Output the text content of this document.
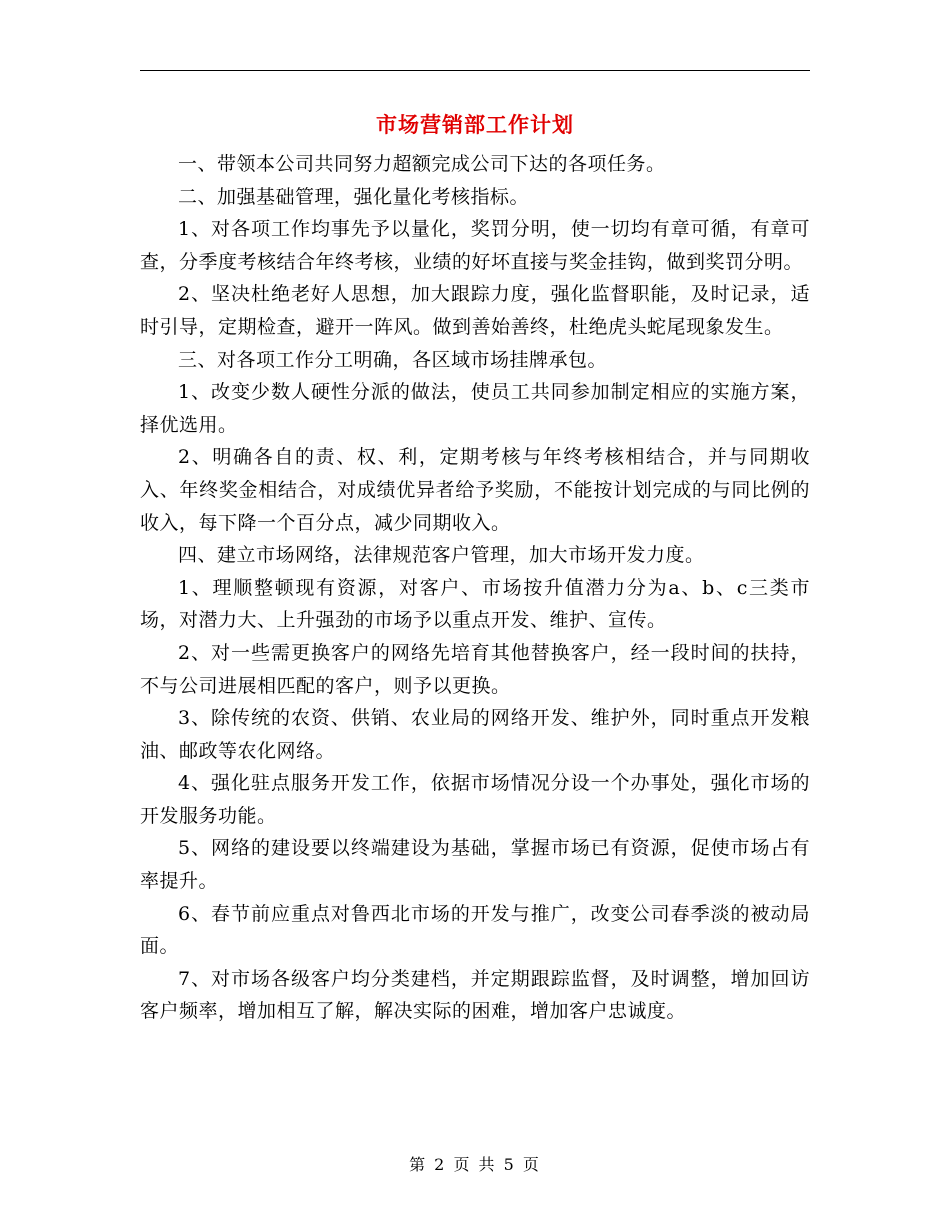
市场营销部工作计划

一、带领本公司共同努力超额完成公司下达的各项任务。

二、加强基础管理，强化量化考核指标。

1、对各项工作均事先予以量化，奖罚分明，使一切均有章可循，有章可查，分季度考核结合年终考核，业绩的好坏直接与奖金挂钩，做到奖罚分明。

2、坚决杜绝老好人思想，加大跟踪力度，强化监督职能，及时记录，适时引导，定期检查，避开一阵风。做到善始善终，杜绝虎头蛇尾现象发生。

三、对各项工作分工明确，各区域市场挂牌承包。

1、改变少数人硬性分派的做法，使员工共同参加制定相应的实施方案，择优选用。

2、明确各自的责、权、利，定期考核与年终考核相结合，并与同期收入、年终奖金相结合，对成绩优异者给予奖励，不能按计划完成的与同比例的收入，每下降一个百分点，减少同期收入。

四、建立市场网络，法律规范客户管理，加大市场开发力度。

1、理顺整顿现有资源，对客户、市场按升值潜力分为a、b、c三类市场，对潜力大、上升强劲的市场予以重点开发、维护、宣传。

2、对一些需更换客户的网络先培育其他替换客户，经一段时间的扶持，不与公司进展相匹配的客户，则予以更换。

3、除传统的农资、供销、农业局的网络开发、维护外，同时重点开发粮油、邮政等农化网络。

4、强化驻点服务开发工作，依据市场情况分设一个办事处，强化市场的开发服务功能。

5、网络的建设要以终端建设为基础，掌握市场已有资源，促使市场占有率提升。

6、春节前应重点对鲁西北市场的开发与推广，改变公司春季淡的被动局面。

7、对市场各级客户均分类建档，并定期跟踪监督，及时调整，增加回访客户频率，增加相互了解，解决实际的困难，增加客户忠诚度。

第 2 页 共 5 页
